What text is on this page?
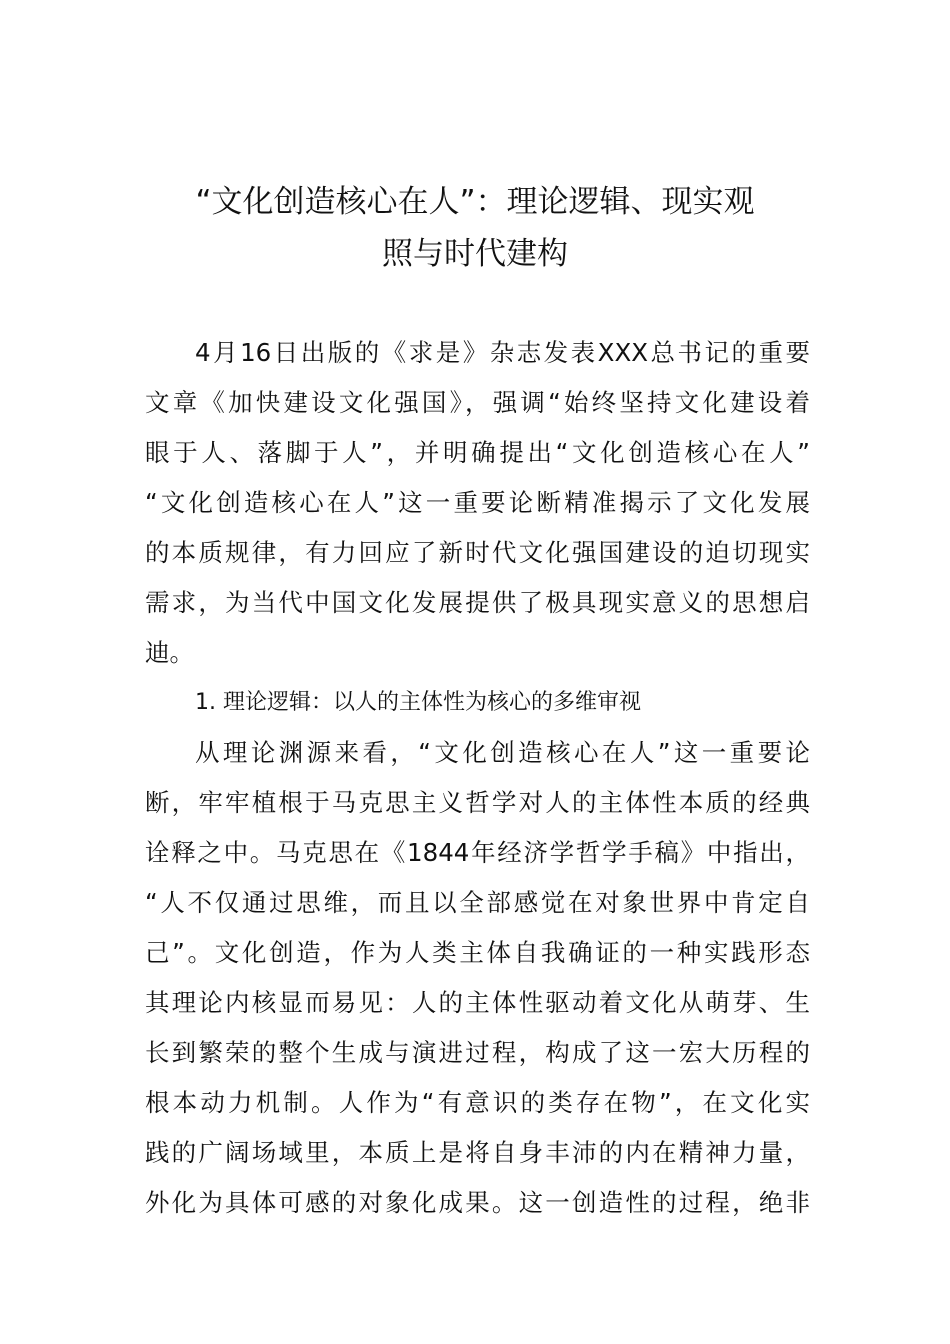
“文化创造核心在人”：理论逻辑、现实观
照与时代建构
4月16日出版的《求是》杂志发表XXX总书记的重要
文章《加快建设文化强国》，强调“始终坚持文化建设着
眼于人、落脚于人”，并明确提出“文化创造核心在人”
“文化创造核心在人”这一重要论断精准揭示了文化发展
的本质规律，有力回应了新时代文化强国建设的迫切现实
需求，为当代中国文化发展提供了极具现实意义的思想启
迪。
1. 理论逻辑：以人的主体性为核心的多维审视
从理论渊源来看，“文化创造核心在人”这一重要论
断，牢牢植根于马克思主义哲学对人的主体性本质的经典
诠释之中。马克思在《1844年经济学哲学手稿》中指出，
“人不仅通过思维，而且以全部感觉在对象世界中肯定自
己”。文化创造，作为人类主体自我确证的一种实践形态
其理论内核显而易见：人的主体性驱动着文化从萌芽、生
长到繁荣的整个生成与演进过程，构成了这一宏大历程的
根本动力机制。人作为“有意识的类存在物”，在文化实
践的广阔场域里，本质上是将自身丰沛的内在精神力量，
外化为具体可感的对象化成果。这一创造性的过程，绝非
